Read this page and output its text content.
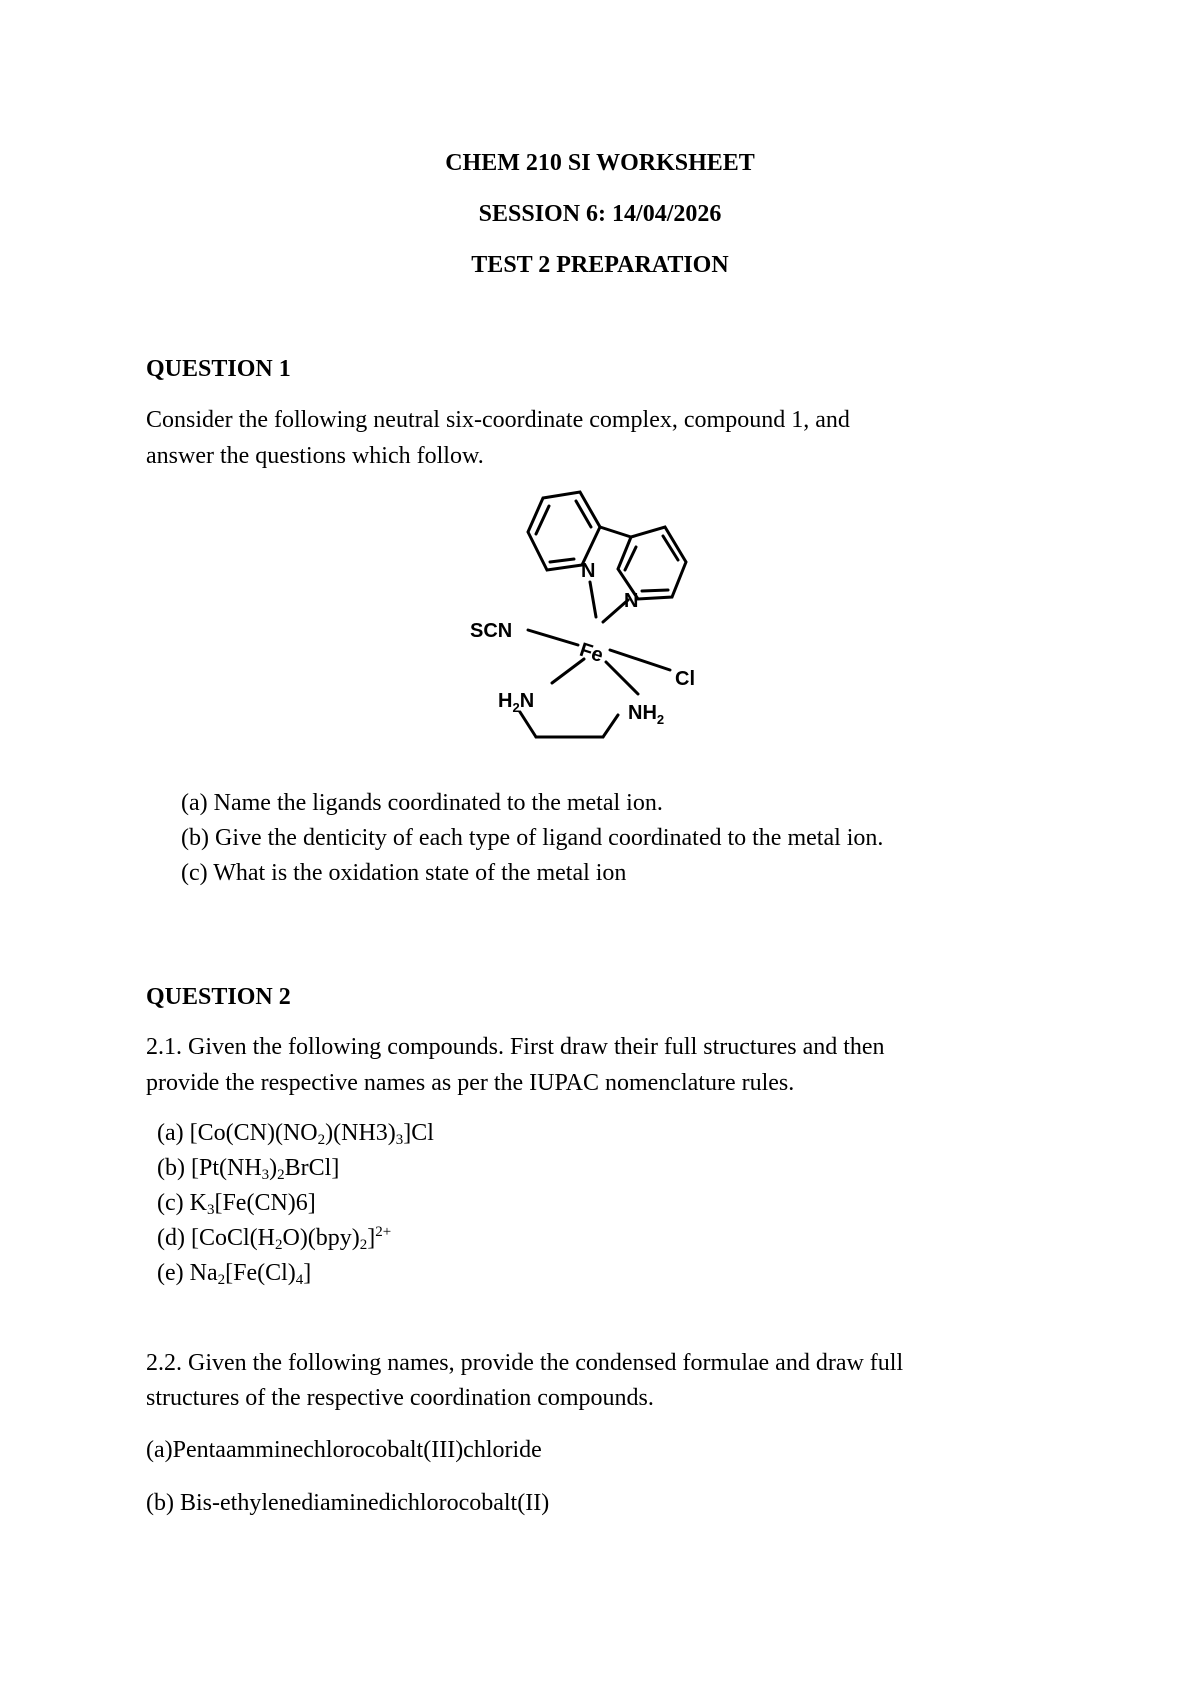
CHEM 210 SI WORKSHEET
SESSION 6: 14/04/2026
TEST 2 PREPARATION
QUESTION 1
Consider the following neutral six-coordinate complex, compound 1, and
answer the questions which follow.
N
N
SCN
Fe
Cl
$H_2N$
$NH_2$
(a) Name the ligands coordinated to the metal ion.
(b) Give the denticity of each type of ligand coordinated to the metal ion.
(c) What is the oxidation state of the metal ion
QUESTION 2
2.1. Given the following compounds. First draw their full structures and then
provide the respective names as per the IUPAC nomenclature rules.
(a) $[Co(CN)(NO_2)(NH3)_3]Cl$
(b) $[Pt(NH_3)_2BrCl]$
(c) $K_3[Fe(CN)6]$
(d) $[CoCl(H_2O)(bpy)_2]^{2+}$
(e) $Na_2[Fe(Cl)_4]$
2.2. Given the following names, provide the condensed formulae and draw full
structures of the respective coordination compounds.
(a)Pentaamminechlorocobalt(III)chloride
(b) Bis-ethylenediaminedichlorocobalt(II)
